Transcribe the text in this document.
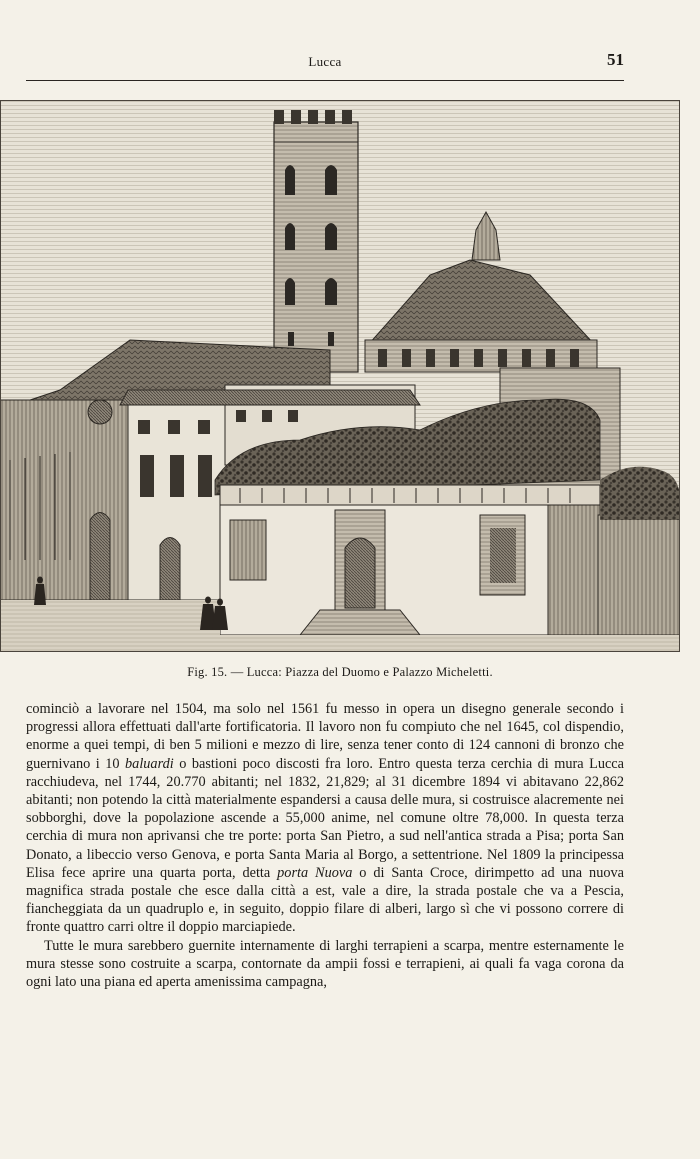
Lucca	51
Fig. 15. — Lucca: Piazza del Duomo e Palazzo Micheletti.

cominciò a lavorare nel 1504, ma solo nel 1561 fu messo in opera un disegno generale secondo i progressi allora effettuati dall'arte fortificatoria. Il lavoro non fu compiuto che nel 1645, col dispendio, enorme a quei tempi, di ben 5 milioni e mezzo di lire, senza tener conto di 124 cannoni di bronzo che guernivano i 10 baluardi o bastioni poco discosti fra loro. Entro questa terza cerchia di mura Lucca racchiudeva, nel 1744, 20.770 abitanti; nel 1832, 21,829; al 31 dicembre 1894 vi abitavano 22,862 abitanti; non potendo la città materialmente espandersi a causa delle mura, si costruisce alacremente nei sobborghi, dove la popolazione ascende a 55,000 anime, nel comune oltre 78,000. In questa terza cerchia di mura non aprivansi che tre porte: porta San Pietro, a sud nell'antica strada a Pisa; porta San Donato, a libeccio verso Genova, e porta Santa Maria al Borgo, a settentrione. Nel 1809 la principessa Elisa fece aprire una quarta porta, detta porta Nuova o di Santa Croce, dirimpetto ad una nuova magnifica strada postale che esce dalla città a est, vale a dire, la strada postale che va a Pescia, fiancheggiata da un quadruplo e, in seguito, doppio filare di alberi, largo sì che vi possono correre di fronte quattro carri oltre il doppio marciapiede.

Tutte le mura sarebbero guernite internamente di larghi terrapieni a scarpa, mentre esternamente le mura stesse sono costruite a scarpa, contornate da ampii fossi e terrapieni, ai quali fa vaga corona da ogni lato una piana ed aperta amenissima campagna,
